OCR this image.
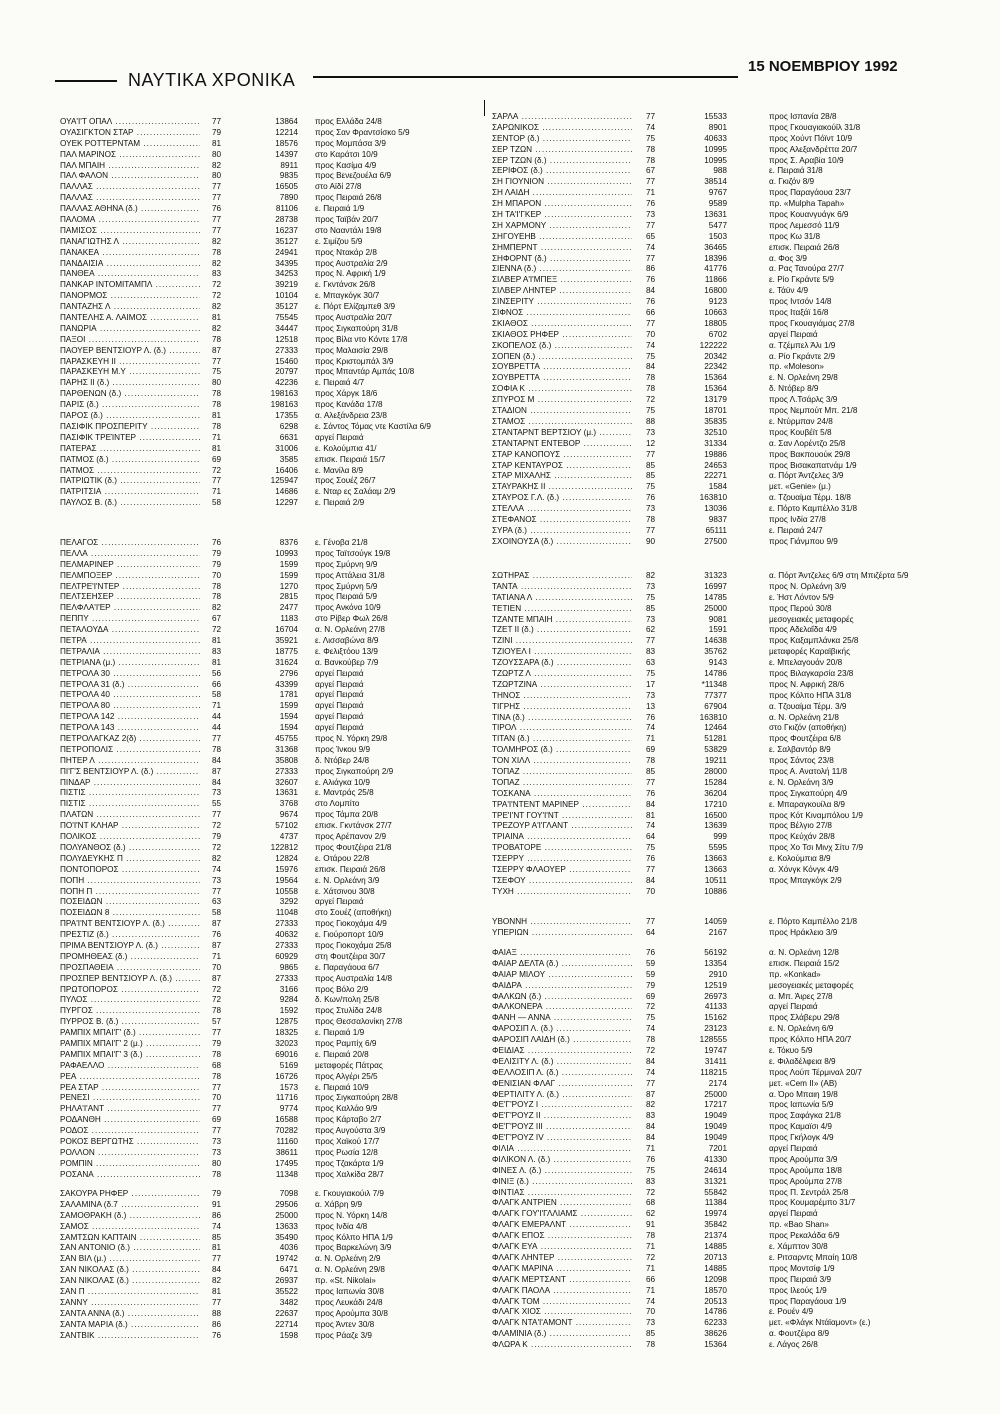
ΝΑΥΤΙΚΑ ΧΡΟΝΙΚΑ
15 ΝΟΕΜΒΡΙΟΥ 1992
ΟΥΑ'Ι'Τ ΟΠΑΛ .....	77	13864 προς Ελλάδα 24/8
ΟΥΑΣΙΓΚΤΟΝ ΣΤΑΡ .....	79	12214 προς Σαν Φραντσίσκο 5/9
ΟΥΕΚ ΡΟΤΤΕΡΝΤΑΜ .....	81	18576 προς Μομπάσα 3/9
ΠΑΛ ΜΑΡΙΝΟΣ .....	80	14397 στο Καράτσι 10/9
ΠΑΛ ΜΠΑΙΗ .....	82	8911 προς Κασίμα 4/9
ΠΑΛ ΦΑΛΟΝ .....	80	9835 προς Βενεζουέλα 6/9
ΠΑΛΛΑΣ .....	77	16505 στο Αϊδί 27/8
ΠΑΛΛΑΣ .....	77	7890 προς Πειραιά 26/8
ΠΑΛΛΑΣ ΑΘΗΝΑ (δ.) .....	76	81106 ε. Πειραιά 1/9
ΠΑΛΟΜΑ .....	77	28738 προς Ταϊβάν 20/7
ΠΑΜΙΣΟΣ .....	77	16237 στο Νααντάλι 19/8
ΠΑΝΑΓΙΩΤΗΣ Λ .....	82	35127 ε. Σιμίζου 5/9
ΠΑΝΑΚΕΑ .....	78	24941 προς Ντακάρ 2/8
ΠΑΝΔΑΙΣΙΑ .....	82	34395 προς Αυστραλία 2/9
ΠΑΝΘΕΑ .....	83	34253 προς Ν. Αφρική 1/9
ΠΑΝΚΑΡ ΙΝΤΟΜΙΤΑΜΠΛ .....	72	39219 ε. Γκντάνσκ 26/8
ΠΑΝΟΡΜΟΣ .....	72	10104 ε. Μπαγκόγκ 30/7
ΠΑΝΤΑΖΗΣ Λ .....	82	35127 ε. Πόρτ Ελίζαμπεθ 3/9
ΠΑΝΤΕΛΗΣ Α. ΛΑΙΜΟΣ .....	81	75545 προς Αυστραλία 20/7
ΠΑΝΩΡΙΑ .....	82	34447 προς Σιγκαπούρη 31/8
ΠΑΞΟΙ .....	78	12518 προς Βίλα ντο Κόντε 17/8
ΠΑΟΥΕΡ ΒΕΝΤΣΙΟΥΡ Λ. (δ.) .....	87	27333 προς Μαλαισία 29/8
ΠΑΡΑΣΚΕΥΗ ΙΙ .....	77	15460 προς Κριστομπάλ 3/9
ΠΑΡΑΣΚΕΥΗ Μ.Υ .....	75	20797 προς Μπαντάρ Αμπάς 10/8
ΠΑΡΗΣ ΙΙ (δ.) .....	80	42236 ε. Πειραιά 4/7
ΠΑΡΘΕΝΩΝ (δ.) .....	78	198163 προς Χάργκ 18/6
ΠΑΡΙΣ (δ.) .....	78	198163 προς Κανάδα 17/8
ΠΑΡΟΣ (δ.) .....	81	17355 α. Αλεξάνδρεια 23/8
ΠΑΣΙΦΙΚ ΠΡΟΣΠΕΡΙΤΥ .....	78	6298 ε. Σάντος Τόμας ντε Καστίλα 6/9
ΠΑΣΙΦΙΚ ΤΡΕΊΝΤΕΡ .....	71	6631 αργεί Πειραιά
ΠΑΤΕΡΑΣ .....	81	31006 ε. Κολούμπια 41/
ΠΑΤΜΟΣ (δ.) .....	69	3585 επισκ. Πειραιά 15/7
ΠΑΤΜΟΣ .....	72	16406 ε. Μανίλα 8/9
ΠΑΤΡΙΩΤΙΚ (δ.) .....	77	125947 προς Σουέζ 26/7
ΠΑΤΡΙΤΣΙΑ .....	71	14686 ε. Νταρ ες Σαλάαμ 2/9
ΠΑΥΛΟΣ Β. (δ.) .....	58	12297 ε. Πειραιά 2/9
ΠΕΛΑΓΟΣ .....	76	8376 ε. Γένοβα 21/8
ΠΕΛΛΑ .....	79	10993 προς Ταϊτσούγκ 19/8
ΠΕΛΜΑΡΙΝΕΡ .....	79	1599 προς Σμύρνη 9/9
ΠΕΛΜΠΟΞΕΡ .....	70	1599 προς Αττάλεια 31/8
ΠΕΛΤΡΕ'Ι'ΝΤΕΡ .....	78	1270 προς Σμύρνη 5/9
ΠΕΛΤΣΕΗΣΕΡ .....	78	2815 προς Πειραιά 5/9
ΠΕΛΦΛΑ'Ι'ΕΡ .....	82	2477 προς Ανκόνα 10/9
ΠΕΠΠΥ .....	67	1183 στο Ρίβερ Φωλ 26/8
ΠΕΤΑΛΟΥΔΑ .....	72	16704 α. Ν. Ορλεάνη 27/8
ΠΕΤΡΑ .....	81	35921 ε. Λισσαβώνα 8/9
ΠΕΤΡΑΛΙΑ .....	83	18775 ε. Φελιξτόου 13/9
ΠΕΤΡΙΑΝΑ (μ.) .....	81	31624 α. Βανκούβερ 7/9
ΠΕΤΡΟΛΑ 30 .....	56	2796 αργεί Πειραιά
ΠΕΤΡΟΛΑ 31 (δ.) .....	66	43399 αργεί Πειραιά
ΠΕΤΡΟΛΑ 40 .....	58	1781 αργεί Πειραιά
ΠΕΤΡΟΛΑ 80 .....	71	1599 αργεί Πειραιά
ΠΕΤΡΟΛΑ 142 .....	44	1594 αργεί Πειραιά
ΠΕΤΡΟΛΑ 143 .....	44	1594 αργεί Πειραιά
ΠΕΤΡΟΛΑΓΚΑΖ 2(δ) .....	77	45755 προς Ν. Υόρκη 29/8
ΠΕΤΡΟΠΟΛΙΣ .....	78	31368 προς Ίνκου 9/9
ΠΗΤΕΡ Λ .....	84	35808 δ. Ντόβερ 24/8
ΠΙ'Γ'Σ ΒΕΝΤΣΙΟΥΡ Λ. (δ.) .....	87	27333 προς Σιγκαπούρη 2/9
ΠΙΝΔΑΡ .....	84	32607 ε. Αλιάγκα 10/9
ΠΙΣΤΙΣ .....	73	13631 ε. Μαντράς 25/8
ΠΙΣΤΙΣ .....	55	3768 στο Λομπίτο
ΠΛΑΤΩΝ .....	77	9674 προς Τάμπα 20/8
ΠΟ'Ι'ΝΤ ΚΛΗΑΡ .....	72	57102 επισκ. Γκντάνσκ 27/7
ΠΟΛΙΚΟΣ .....	79	4737 προς Αρέπανον 2/9
ΠΟΛΥΑΝΘΟΣ (δ.) .....	72	122812 προς Φουτζέιρα 21/8
ΠΟΛΥΔΕΥΚΗΣ Π .....	82	12824 ε. Οτάρου 22/8
ΠΟΝΤΟΠΟΡΟΣ .....	74	15976 επισκ. Πειραιά 26/8
ΠΟΠΗ .....	73	19564 ε. Ν. Ορλεάνη 3/9
ΠΟΠΗ Π .....	77	10558 ε. Χάτσινου 30/8
ΠΟΣΕΙΔΩΝ .....	63	3292 αργεί Πειραιά
ΠΟΣΕΙΔΩΝ 8 .....	58	11048 στο Σουέζ (αποθήκη)
ΠΡΑ'Ι'ΝΤ ΒΕΝΤΣΙΟΥΡ Λ. (δ.) .....	87	27333 προς Γιοκοχάμα 4/9
ΠΡΕΣΤΙΖ (δ.) .....	76	40632 ε. Γιούροπορτ 10/9
ΠΡΙΜΑ ΒΕΝΤΣΙΟΥΡ Λ. (δ.) .....	87	27333 προς Γιοκοχάμα 25/8
ΠΡΟΜΗΘΕΑΣ (δ.) .....	71	60929 στη Φουτζέιρα 30/7
ΠΡΟΣΠΑΘΕΙΑ .....	70	9865 ε. Παραγάουα 6/7
ΠΡΟΣΠΕΡ ΒΕΝΤΣΙΟΥΡ Λ. (δ.) .....	87	27333 προς Αυστραλία 14/8
ΠΡΩΤΟΠΟΡΟΣ .....	72	3166 προς Βόλο 2/9
ΠΥΛΟΣ .....	72	9284 δ. Κων/πολη 25/8
ΠΥΡΓΟΣ .....	78	1592 προς Στυλίδα 24/8
ΠΥΡΡΟΣ Β. (δ.) .....	57	12875 προς Θεσσαλονίκη 27/8
ΡΑΜΠΙΧ ΜΠΑΙ'Γ' (δ.) .....	77	18325 ε. Πειραιά 1/9
ΡΑΜΠΙΧ ΜΠΑΙ'Γ' 2 (μ.) .....	79	32023 προς Ραμπίχ 6/9
ΡΑΜΠΙΧ ΜΠΑΙ'Γ' 3 (δ.) .....	78	69016 ε. Πειραιά 20/8
ΡΑΦΑΕΛΛΟ .....	68	5169 μεταφορές Πάτρας
ΡΕΑ .....	78	16726 προς Αλγέρι 25/5
ΡΕΑ ΣΤΑΡ .....	77	1573 ε. Πειραιά 10/9
ΡΕΝΕΣΙ .....	70	11716 προς Σιγκαπούρη 28/8
ΡΗΛΑ'Ι'ΑΝΤ .....	77	9774 προς Καλλάο 9/9
ΡΟΔΑΝΘΗ .....	69	16588 προς Κάρταβο 2/7
ΡΟΔΟΣ .....	77	70282 προς Αυγούστα 3/9
ΡΟΚΟΣ ΒΕΡΓΩΤΗΣ .....	73	11160 προς Χαϊκού 17/7
ΡΟΛΛΟΝ .....	73	38611 προς Ρωσία 12/8
ΡΟΜΠΙΝ .....	80	17495 προς Τζακάρτα 1/9
ΡΟΣΑΝΑ .....	78	11348 προς Χαλκίδα 28/7
ΣΑΚΟΥΡΑ ΡΗΦΕΡ .....	79	7098 ε. Γκουγιακούιλ 7/9
ΣΑΛΑΜΙΝΑ (δ.7 .....	91	29506 α. Χάβρη 9/9
ΣΑΜΟΘΡΑΚΗ (δ.) .....	86	25000 προς Ν. Υόρκη 14/8
ΣΑΜΟΣ .....	74	13633 προς Ινδία 4/8
ΣΑΜΤΣΩΝ ΚΑΠΤΑΙΝ .....	85	35490 προς Κόλπο ΗΠΑ 1/9
ΣΑΝ ΑΝΤΟΝΙΟ (δ.) .....	81	4036 προς Βαρκελώνη 3/9
ΣΑΝ ΒΙΛ (μ.) .....	77	19742 α. Ν. Ορλεάνη 2/9
ΣΑΝ ΝΙΚΟΛΑΣ (δ.) .....	84	6471 α. Ν. Ορλεάνη 29/8
ΣΑΝ ΝΙΚΟΛΑΣ (δ.) .....	82	26937 πρ. «St. Nikolai»
ΣΑΝ Π .....	81	35522 προς Ιαπωνία 30/8
ΣΑΝΝΥ .....	77	3482 προς Λευκάδι 24/8
ΣΑΝΤΑ ΑΝΝΑ (δ.) .....	88	22637 προς Αρούμπα 30/8
ΣΑΝΤΑ ΜΑΡΙΑ (δ.) .....	86	22714 προς Άντεν 30/8
ΣΑΝΤΒΙΚ .....	76	1598 προς Ράαζε 3/9
ΣΑΡΛΑ .....	77	15533	προς Ισπανία 28/8
ΣΑΡΩΝΙΚΟΣ .....	74	8901	προς Γκουαγιακούϊλ 31/8
ΣΕΝΤΟΡ (δ.) .....	75	40633	προς Χούντ Πόϊντ 10/9
ΣΕΡ ΤΖΩΝ .....	78	10995	προς Αλεξανδρέττα 20/7
ΣΕΡ ΤΖΩΝ (δ.) .....	78	10995	προς Σ. Αραβία 10/9
ΣΕΡΙΦΟΣ (δ.) .....	67	988	ε. Πειραιά 31/8
ΣΗ ΓΙΟΥΝΙΟΝ .....	77	38514	α. Γκιζόν 8/9
ΣΗ ΛΑΙΔΗ .....	71	9767	προς Παραγάουα 23/7
ΣΗ ΜΠΑΡΟΝ .....	76	9589	πρ. «Mulpha Tapah»
ΣΗ ΤΑ'Ι'ΓΚΕΡ .....	73	13631	προς Κουανγυάγκ 6/9
ΣΗ ΧΑΡΜΟΝΥ .....	77	5477	προς Λεμεσσό 11/9
ΣΗΓΟΥΕΗΒ .....	65	1503	προς Κω 31/8
ΣΗΜΠΕΡΝΤ .....	74	36465	επισκ. Πειραιά 26/8
ΣΗΦΟΡΝΤ (δ.) .....	77	18396	α. Φος 3/9
ΣΙΕΝΝΑ (δ.) .....	86	41776	α. Ρας Τανούρα 27/7
ΣΙΛΒΕΡ Α'Ι'ΜΠΕΞ .....	76	11866	ε. Ρίο Γκράντε 5/9
ΣΙΛΒΕΡ ΛΗΝΤΕΡ .....	84	16800	ε. Τάϋν 4/9
ΣΙΝΣΕΡΙΤΥ .....	76	9123	προς Ιντσόν 14/8
ΣΙΦΝΟΣ .....	66	10663	προς Ιταξάϊ 16/8
ΣΚΙΑΘΟΣ .....	77	18805	προς Γκουαγιάμας 27/8
ΣΚΙΑΘΟΣ ΡΗΦΕΡ .....	70	6702	αργεί Πειραιά
ΣΚΟΠΕΛΟΣ (δ.) .....	74	122222	α. Τζέμπελ Άλι 1/9
ΣΟΠΕΝ (δ.) .....	75	20342	α. Ρίο Γκράντε 2/9
ΣΟΥΒΡΕΤΤΑ .....	84	22342	πρ. «Moleson»
ΣΟΥΒΡΕΤΤΑ .....	78	15364	ε. Ν. Ορλεάνη 29/8
ΣΟΦΙΑ Κ .....	78	15364	δ. Ντόβερ 8/9
ΣΠΥΡΟΣ Μ .....	72	13179	προς Λ.Τσάρλς 3/9
ΣΤΑΔΙΟΝ .....	75	18701	προς Νεμπούτ Μπ. 21/8
ΣΤΑΜΟΣ .....	88	35835	ε. Ντύρμπαν 24/8
ΣΤΑΝΤΑΡΝΤ ΒΕΡΤΣΙΟΥ (μ.) .....	73	32510	προς Κουβέϊτ 5/8
ΣΤΑΝΤΑΡΝΤ ΕΝΤΕΒΟΡ .....	12	31334	α. Σαν Λορέντζο 25/8
ΣΤΑΡ ΚΑΝΟΠΟΥΣ .....	77	19886	προς Βακπουούκ 29/8
ΣΤΑΡ ΚΕΝΤΑΥΡΟΣ .....	85	24653	προς Βισακαπατνάμ 1/9
ΣΤΑΡ ΜΙΧΑΛΗΣ .....	85	22271	α. Πόρτ Άντζελες 3/9
ΣΤΑΥΡΑΚΗΣ ΙΙ .....	75	1584	μετ. «Genie» (μ.)
ΣΤΑΥΡΟΣ Γ.Λ. (δ.) .....	76	163810	α. Τζουαίμα Τέρμ. 18/8
ΣΤΕΛΛΑ .....	73	13036	ε. Πόρτο Καμπέλλο 31/8
ΣΤΕΦΑΝΟΣ .....	78	9837	προς Ινδία 27/8
ΣΥΡΑ (δ.) .....	77	65111	ε. Πειραιά 24/7
ΣΧΟΙΝΟΥΣΑ (δ.) .....	90	27500	προς Γιάνμπου 9/9
ΣΩΤΗΡΑΣ .....	82	31323	α. Πόρτ Άντζελες 6/9 στη Μπιζέρτα 5/9
ΤΑΝΤΑ .....	73	16997	προς Ν. Ορλεάνη 3/9
ΤΑΤΙΑΝΑ Λ .....	75	14785	ε. Ήστ Λόντον 5/9
ΤΕΤΙΕΝ .....	85	25000	προς Περού 30/8
ΤΖΑΝΤΕ ΜΠΑΙΗ .....	73	9081	μεσογειακές μεταφορές
ΤΖΕΤ ΙΙ (δ.) .....	62	1591	προς Αδελαΐδα 4/9
ΤΖΙΝΙ .....	77	14638	προς Καξαμπλάνκα 25/8
ΤΖΙΟΥΕΛ Ι .....	83	35762	μεταφορές Καραϊβικής
ΤΖΟΥΣΣΑΡΑ (δ.) .....	63	9143	ε. Μπελαγουάν 20/8
ΤΖΩΡΤΖ Λ .....	75	14786	προς Βιλαγκαρσία 23/8
ΤΖΩΡΤΖΙΝΑ .....	17	*11348	προς Ν. Αφρική 28/6
ΤΗΝΟΣ .....	73	77377	προς Κόλπο ΗΠΑ 31/8
ΤΙΓΡΗΣ .....	13	67904	α. Τζουαίμα Τέρμ. 3/9
ΤΙΝΑ (δ.) .....	76	163810	α. Ν. Ορλεάνη 21/8
ΤΙΡΟΛ .....	74	12464	στο Γκιζόν (αποθήκη)
ΤΙΤΑΝ (δ.) .....	71	51281	προς Φουτζέιρα 6/8
ΤΟΛΜΗΡΟΣ (δ.) .....	69	53829	ε. Σαλβαντόρ 8/9
ΤΟΝ ΧΙΛΛ .....	78	19211	προς Σάντος 23/8
ΤΟΠΑΖ .....	85	28000	προς Α. Ανατολή 11/8
ΤΟΠΑΖ .....	77	15284	ε. Ν. Ορλεάνη 3/9
ΤΟΣΚΑΝΑ .....	76	36204	προς Σιγκαπούρη 4/9
ΤΡΑ'Ι'ΝΤΕΝΤ ΜΑΡΙΝΕΡ .....	84	17210	ε. Μπαραγκουίλα 8/9
ΤΡΕ'Ι'ΝΤ ΓΟΥ'Ι'ΝΤ .....	81	16500	προς Κότ Κιναμπόλου 1/9
ΤΡΕΖΟΥΡ Α'Ι'ΓΛΑΝΤ .....	74	13639	προς Βέλγιο 27/8
ΤΡΙΑΙΝΑ .....	64	999	προς Κεύχάν 28/8
ΤΡΟΒΑΤΟΡΕ .....	75	5595	προς Χο Τσι Μινχ Σίτυ 7/9
ΤΣΕΡΡΥ .....	76	13663	ε. Κολούμπια 8/9
ΤΣΕΡΡΥ ΦΛΑΟΥΕΡ .....	77	13663	α. Χόνγκ Κόνγκ 4/9
ΤΣΕΦΟΥ .....	84	10511	προς Μπαγκόγκ 2/9
ΤΥΧΗ .....	70	10886
ΥΒΟΝΝΗ .....	77	14059	ε. Πόρτο Καμπέλλο 21/8
ΥΠΕΡΙΩΝ .....	64	2167	προς Ηράκλειο 3/9
ΦΑΙΑΞ .....	76	56192	α. Ν. Ορλεάνη 12/8
ΦΑΙΑΡ ΔΕΛΤΑ (δ.) .....	59	13354	επισκ. Πειραιά 15/2
ΦΑΙΑΡ ΜΙΛΟΥ .....	59	2910	πρ. «Konkad»
ΦΑΙΔΡΑ .....	79	12519	μεσογειακές μεταφορές
ΦΑΛΚΩΝ (δ.) .....	69	26973	α. Μπ. Άιρες 27/8
ΦΑΛΚΟΝΕΡΑ .....	72	41133	αργεί Πειραιά
ΦΑΝΗ — ΑΝΝΑ .....	75	15162	προς Σλάβερυ 29/8
ΦΑΡΟΣΙΠ Λ. (δ.) .....	74	23123	ε. Ν. Ορλεάνη 6/9
ΦΑΡΟΣΙΠ ΛΑΙΔΗ (δ.) .....	78	128555	προς Κόλπο ΗΠΑ 20/7
ΦΕΙΔΙΑΣ .....	72	19747	ε. Τόκυο 5/9
ΦΕΛΙΣΙΤΥ Λ. (δ.) .....	84	31411	ε. Φιλαδέλφεια 8/9
ΦΕΛΛΟΣΙΠ Λ. (δ.) .....	74	118215	προς Λούπ Τέρμιναλ 20/7
ΦΕΝΙΣΙΑΝ ΦΛΑΓ .....	77	2174	μετ. «Cem II» (ΑΒ)
ΦΕΡΤΙΛΙΤΥ Λ. (δ.) .....	87	25000	α. Όρο Μπαιη 19/8
ΦΕ'Γ'ΡΟΥΖ Ι .....	82	17217	προς Ιαπωνία 5/9
ΦΕ'Γ'ΡΟΥΖ ΙΙ .....	83	19049	προς Σαφάγκα 21/8
ΦΕ'Γ'ΡΟΥΖ ΙΙΙ .....	84	19049	προς Καμαϊσι 4/9
ΦΕ'Γ'ΡΟΥΖ ΙV .....	84	19049	προς Γκήλογκ 4/9
ΦΙΛΙΑ .....	71	7201	αργεί Πειραιά
ΦΙΛΙΚΟΝ Λ. (δ.) .....	76	41330	προς Αρούμπα 3/9
ΦΙΝΕΣ Λ. (δ.) .....	75	24614	προς Αρούμπα 18/8
ΦΙΝΙΞ (δ.) .....	83	31321	προς Αρούμπα 27/8
ΦΙΝΤΙΑΣ .....	72	55842	προς Π. Σεντράλ 25/8
ΦΛΑΓΚ ΑΝΤΡΙΕΝ .....	68	11384	προς Κουμαρέμπο 31/7
ΦΛΑΓΚ ΓΟΥ'Ι'ΓΛΛΙΑΜΣ .....	62	19974	αργεί Πειραιά
ΦΛΑΓΚ ΕΜΕΡΑΛΝΤ .....	91	35842	πρ. «Bao Shan»
ΦΛΑΓΚ ΕΠΟΣ .....	78	21374	προς Ρεκαλάδα 6/9
ΦΛΑΓΚ ΕΥΑ .....	71	14885	ε. Χάμπτον 30/8
ΦΛΑΓΚ ΛΗΝΤΕΡ .....	72	20713	ε. Ριτσαρντς Μπαίη 10/8
ΦΛΑΓΚ ΜΑΡΙΝΑ .....	71	14885	προς Μοντσίφ 1/9
ΦΛΑΓΚ ΜΕΡΤΣΑΝΤ .....	66	12098	προς Πειραιά 3/9
ΦΛΑΓΚ ΠΑΟΛΑ .....	71	18570	προς Ιλεούς 1/9
ΦΛΑΓΚ ΤΟΜ .....	74	20513	προς Παραγάουα 1/9
ΦΛΑΓΚ ΧΙΟΣ .....	70	14786	ε. Ρουέν 4/9
ΦΛΑΓΚ ΝΤΑ'Ι'ΑΜΟΝΤ .....	73	62233	μετ. «Φλάγκ Ντάϊαμοντ» (ε.)
ΦΛΑΜΙΝΙΑ (δ.) .....	85	38626	α. Φουτζέιρα 8/9
ΦΛΩΡΑ Κ .....	78	15364	ε. Λάγος 26/8
